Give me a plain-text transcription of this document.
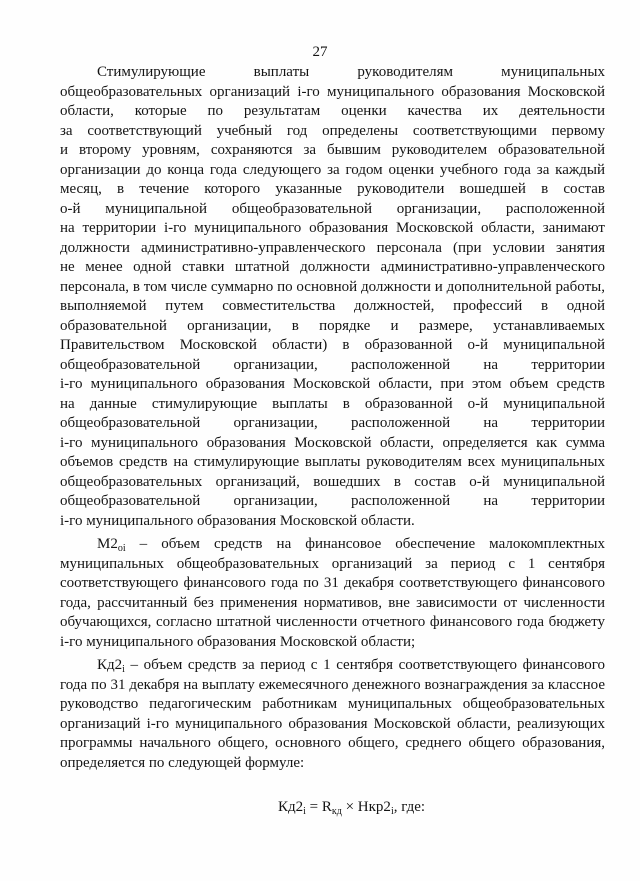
27
Стимулирующие выплаты руководителям муниципальных
общеобразовательных организаций i-го муниципального образования Московской
области, которые по результатам оценки качества их деятельности
за соответствующий учебный год определены соответствующими первому
и второму уровням, сохраняются за бывшим руководителем образовательной
организации до конца года следующего за годом оценки учебного года за каждый
месяц, в течение которого указанные руководители вошедшей в состав
o-й муниципальной общеобразовательной организации, расположенной
на территории i-го муниципального образования Московской области, занимают
должности административно-управленческого персонала (при условии занятия
не менее одной ставки штатной должности административно-управленческого
персонала, в том числе суммарно по основной должности и дополнительной работы,
выполняемой путем совместительства должностей, профессий в одной
образовательной организации, в порядке и размере, устанавливаемых
Правительством Московской области) в образованной о-й муниципальной
общеобразовательной организации, расположенной на территории
i-го муниципального образования Московской области, при этом объем средств
на данные стимулирующие выплаты в образованной о-й муниципальной
общеобразовательной организации, расположенной на территории
i-го муниципального образования Московской области, определяется как сумма
объемов средств на стимулирующие выплаты руководителям всех муниципальных
общеобразовательных организаций, вошедших в состав о-й муниципальной
общеобразовательной организации, расположенной на территории
i-го муниципального образования Московской области.
$М2_{oi}$ – объем средств на финансовое обеспечение малокомплектных
муниципальных общеобразовательных организаций за период с 1 сентября
соответствующего финансового года по 31 декабря соответствующего финансового
года, рассчитанный без применения нормативов, вне зависимости от численности
обучающихся, согласно штатной численности отчетного финансового года бюджету
i-го муниципального образования Московской области;
$Кд2_i$ – объем средств за период с 1 сентября соответствующего финансового
года по 31 декабря на выплату ежемесячного денежного вознаграждения за классное
руководство педагогическим работникам муниципальных общеобразовательных
организаций i-го муниципального образования Московской области, реализующих
программы начального общего, основного общего, среднего общего образования,
определяется по следующей формуле:
$Кд2_i = R_{кд} \times Нкр2_i$, где:
